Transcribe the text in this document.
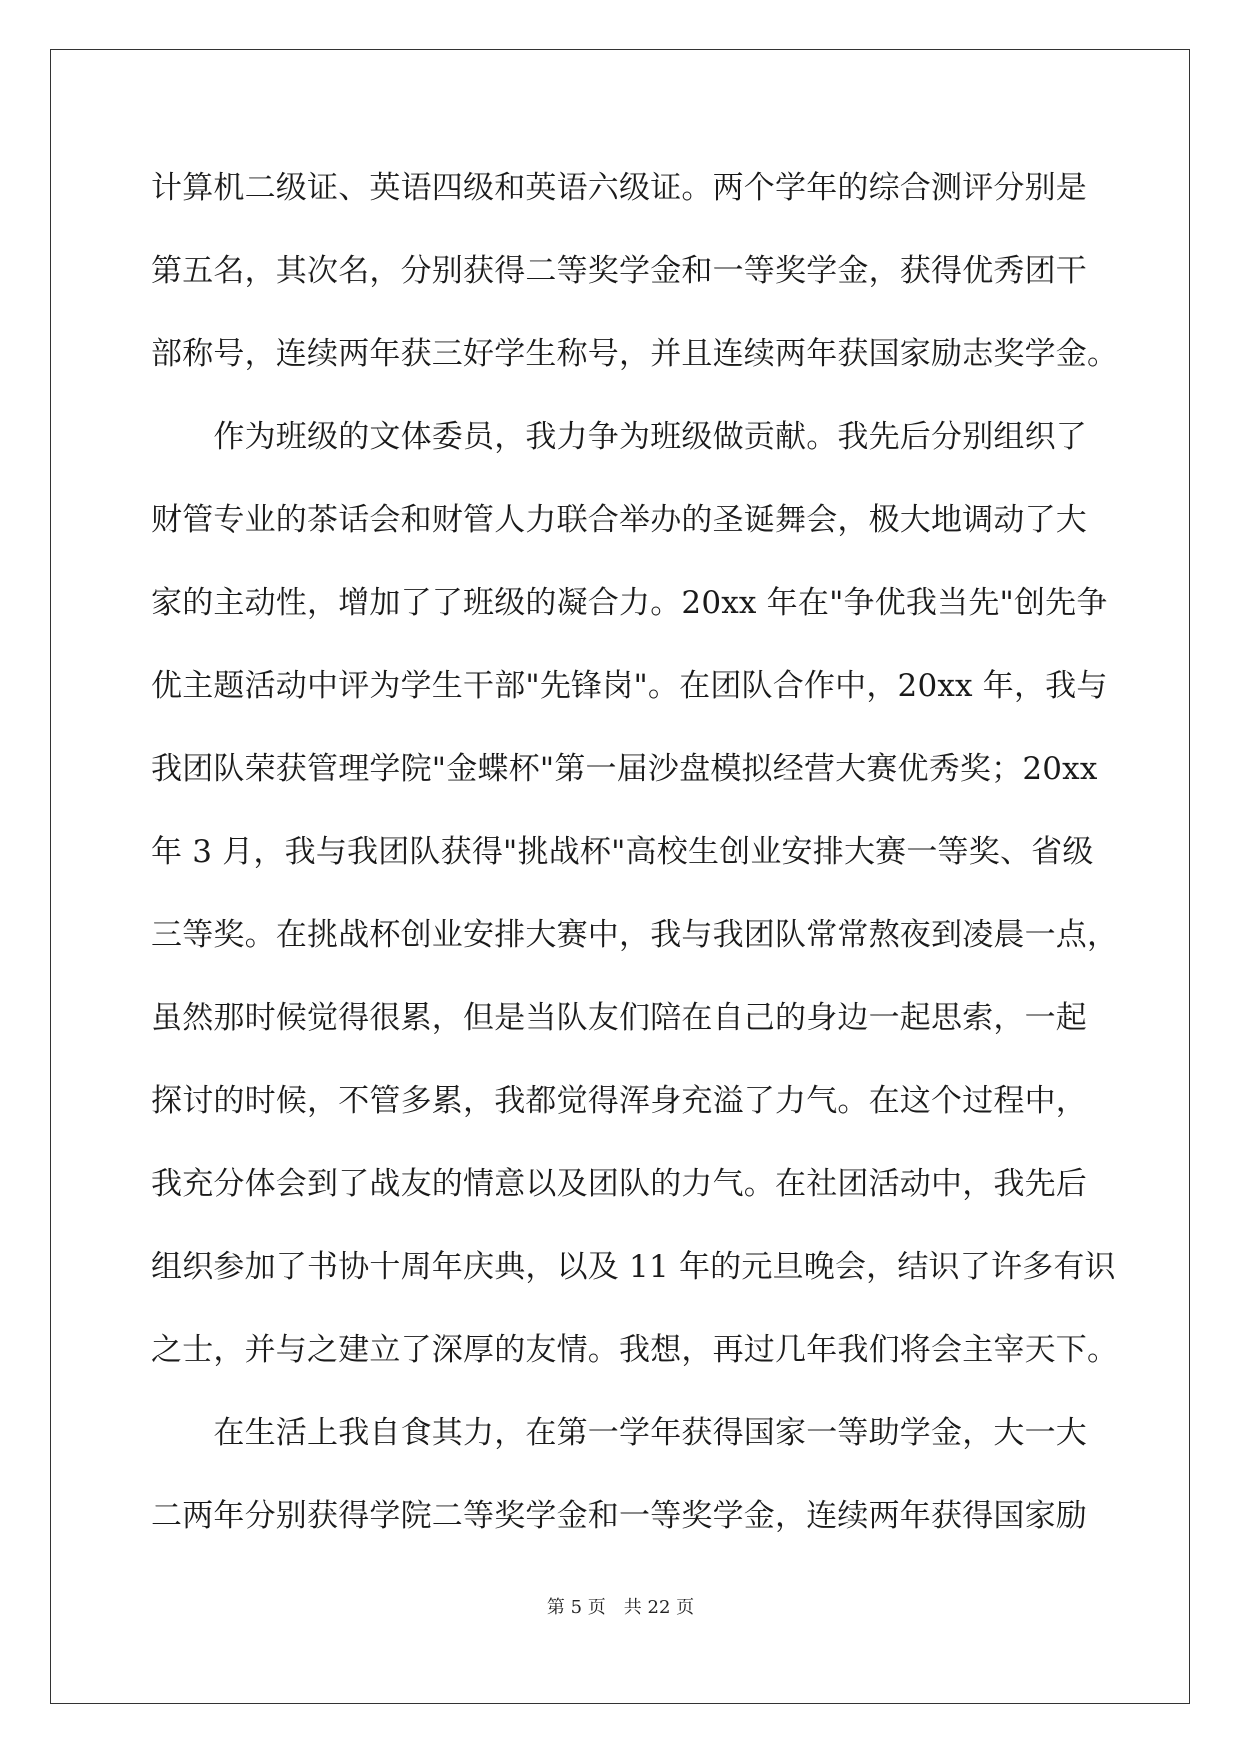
计算机二级证、英语四级和英语六级证。两个学年的综合测评分别是
第五名，其次名，分别获得二等奖学金和一等奖学金，获得优秀团干
部称号，连续两年获三好学生称号，并且连续两年获国家励志奖学金。
　　作为班级的文体委员，我力争为班级做贡献。我先后分别组织了
财管专业的茶话会和财管人力联合举办的圣诞舞会，极大地调动了大
家的主动性，增加了了班级的凝合力。20xx 年在"争优我当先"创先争
优主题活动中评为学生干部"先锋岗"。在团队合作中，20xx 年，我与
我团队荣获管理学院"金蝶杯"第一届沙盘模拟经营大赛优秀奖；20xx
年 3 月，我与我团队获得"挑战杯"高校生创业安排大赛一等奖、省级
三等奖。在挑战杯创业安排大赛中，我与我团队常常熬夜到凌晨一点，
虽然那时候觉得很累，但是当队友们陪在自己的身边一起思索，一起
探讨的时候，不管多累，我都觉得浑身充溢了力气。在这个过程中，
我充分体会到了战友的情意以及团队的力气。在社团活动中，我先后
组织参加了书协十周年庆典，以及 11 年的元旦晚会，结识了许多有识
之士，并与之建立了深厚的友情。我想，再过几年我们将会主宰天下。
　　在生活上我自食其力，在第一学年获得国家一等助学金，大一大
二两年分别获得学院二等奖学金和一等奖学金，连续两年获得国家励
第 5 页　共 22 页
